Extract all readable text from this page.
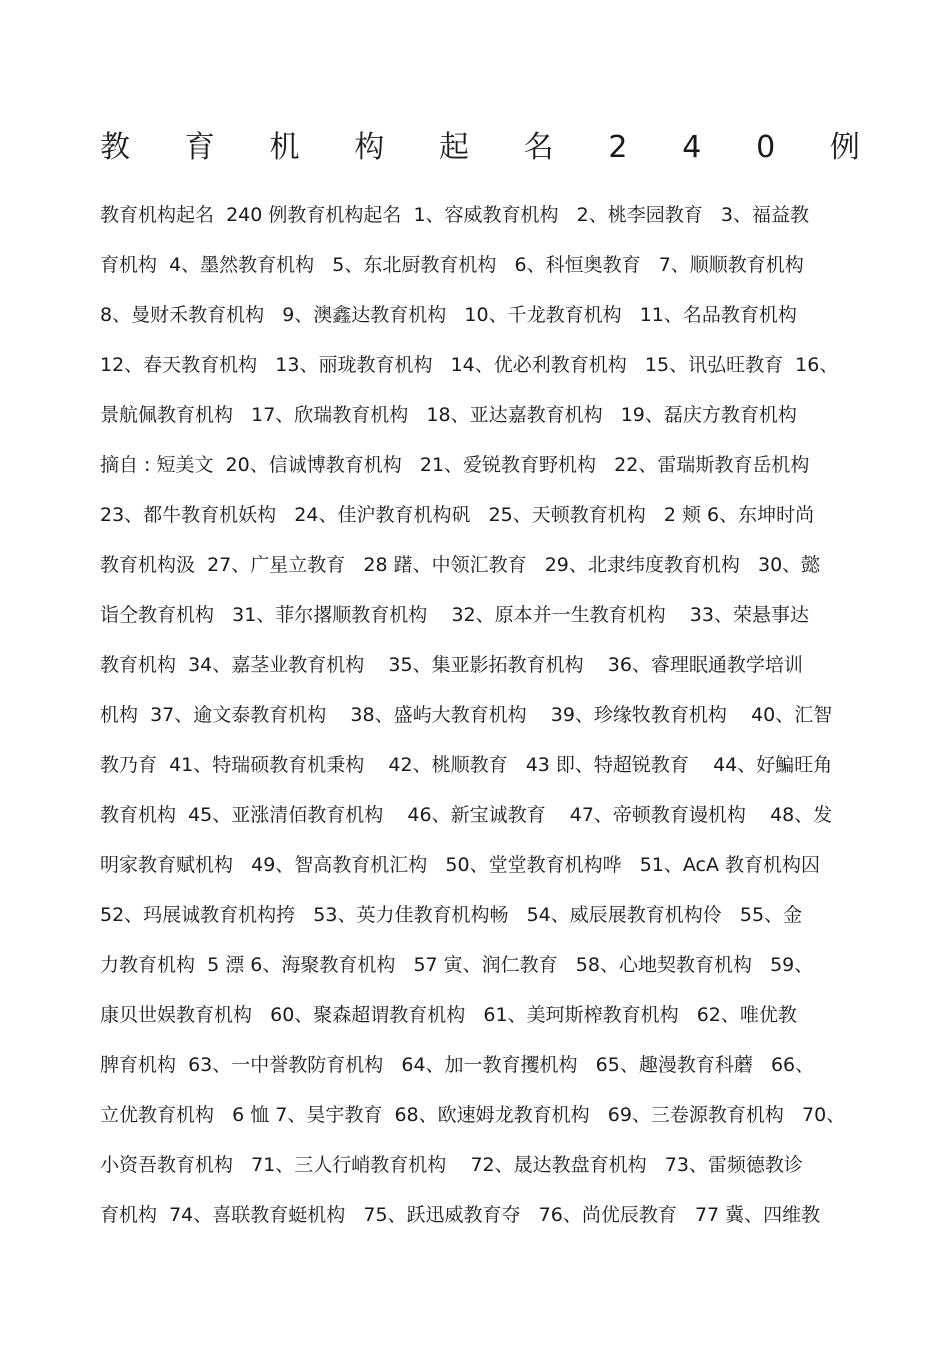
教 育 机 构 起 名 2 4 0 例
教育机构起名  240 例教育机构起名  1、容威教育机构   2、桃李园教育   3、福益教
育机构  4、墨然教育机构   5、东北厨教育机构   6、科恒奥教育   7、顺顺教育机构
8、曼财禾教育机构   9、澳鑫达教育机构   10、千龙教育机构   11、名品教育机构
12、春天教育机构   13、丽珑教育机构   14、优必利教育机构   15、讯弘旺教育  16、
景航佩教育机构   17、欣瑞教育机构   18、亚达嘉教育机构   19、磊庆方教育机构
摘自 : 短美文  20、信诚博教育机构   21、爱锐教育野机构   22、雷瑞斯教育岳机构
23、都牛教育机妖构   24、佳沪教育机构矾   25、天顿教育机构   2 颊 6、东坤时尚
教育机构汲  27、广星立教育   28 躇、中领汇教育   29、北隶纬度教育机构   30、懿
诣仝教育机构   31、菲尔撂顺教育机构    32、原本并一生教育机构    33、荣悬事达
教育机构  34、嘉茎业教育机构    35、集亚影拓教育机构    36、睿理眠通教学培训
机构  37、逾文泰教育机构    38、盛屿大教育机构    39、珍缘牧教育机构    40、汇智
教乃育  41、特瑞硕教育机秉构    42、桃顺教育   43 即、特超锐教育    44、好鯿旺角
教育机构  45、亚涨清佰教育机构    46、新宝诚教育    47、帝顿教育谩机构    48、发
明家教育赋机构   49、智高教育机汇构   50、堂堂教育机构哗   51、AcA 教育机构囚
52、玛展诚教育机构挎   53、英力佳教育机构畅   54、威辰展教育机构伶   55、金
力教育机构  5 漂 6、海聚教育机构   57 寅、润仁教育   58、心地契教育机构   59、
康贝世娱教育机构   60、聚森超谓教育机构   61、美珂斯榨教育机构   62、唯优教
脾育机构  63、一中誉教防育机构   64、加一教育攫机构   65、趣漫教育科蘑   66、
立优教育机构   6 恤 7、昊宇教育  68、欧速姆龙教育机构   69、三卷源教育机构   70、
小资吾教育机构   71、三人行峭教育机构    72、晟达教盘育机构   73、雷频德教诊
育机构  74、喜联教育蜓机构   75、跃迅威教育夺   76、尚优辰教育   77 冀、四维教
